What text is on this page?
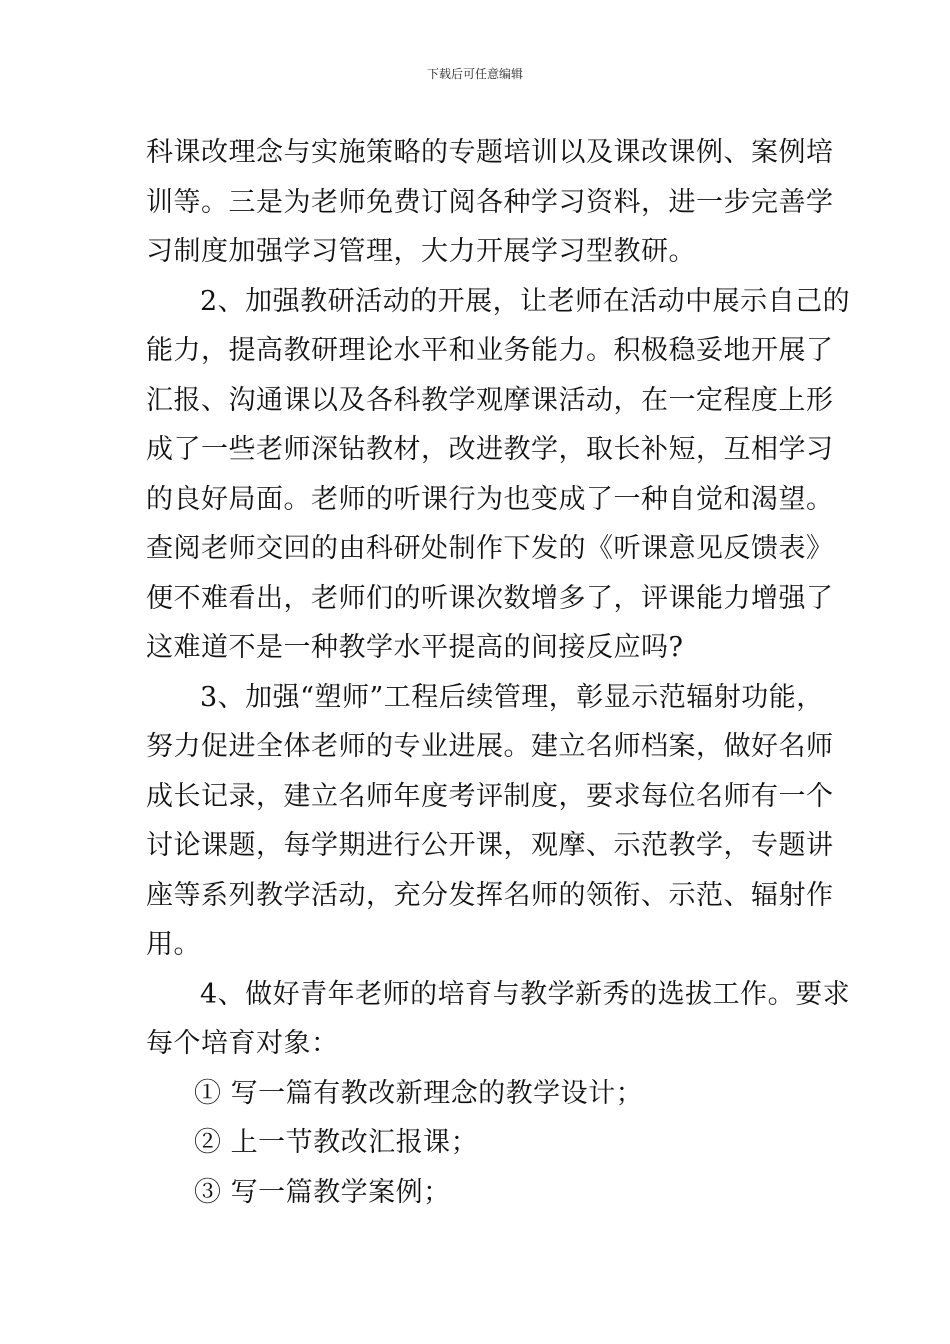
下载后可任意编辑
科课改理念与实施策略的专题培训以及课改课例、案例培
训等。三是为老师免费订阅各种学习资料，进一步完善学
习制度加强学习管理，大力开展学习型教研。
2、加强教研活动的开展，让老师在活动中展示自己的
能力，提高教研理论水平和业务能力。积极稳妥地开展了
汇报、沟通课以及各科教学观摩课活动，在一定程度上形
成了一些老师深钻教材，改进教学，取长补短，互相学习
的良好局面。老师的听课行为也变成了一种自觉和渴望。
查阅老师交回的由科研处制作下发的《听课意见反馈表》
便不难看出，老师们的听课次数增多了，评课能力增强了
这难道不是一种教学水平提高的间接反应吗?
3、加强“塑师”工程后续管理，彰显示范辐射功能，
努力促进全体老师的专业进展。建立名师档案，做好名师
成长记录，建立名师年度考评制度，要求每位名师有一个
讨论课题，每学期进行公开课，观摩、示范教学，专题讲
座等系列教学活动，充分发挥名师的领衔、示范、辐射作
用。
4、做好青年老师的培育与教学新秀的选拔工作。要求
每个培育对象：
① 写一篇有教改新理念的教学设计；
② 上一节教改汇报课；
③ 写一篇教学案例；
